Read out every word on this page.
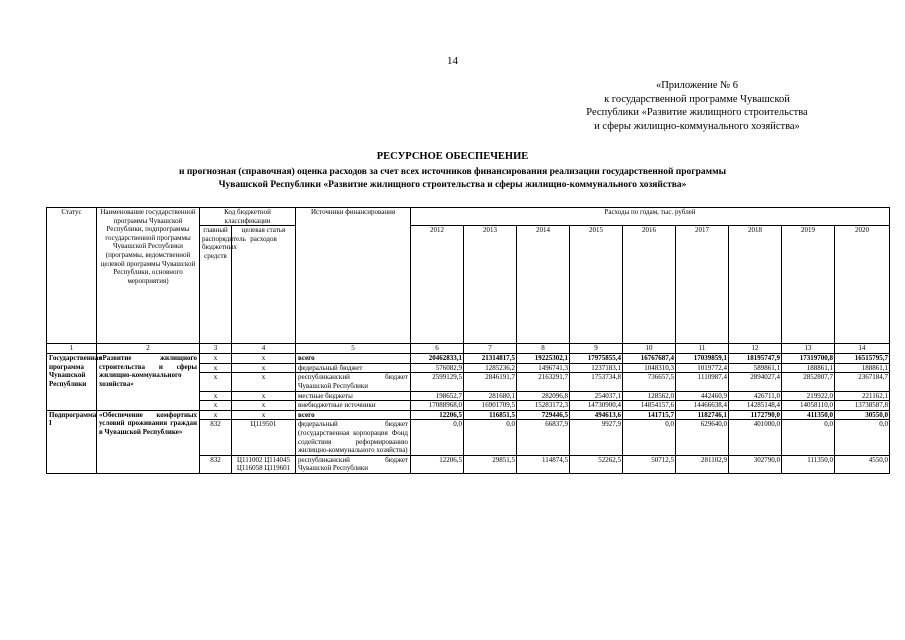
14
«Приложение № 6
к государственной программе Чувашской
Республики «Развитие жилищного строительства
и сферы жилищно-коммунального хозяйства»
РЕСУРСНОЕ ОБЕСПЕЧЕНИЕ
и прогнозная (справочная) оценка расходов за счет всех источников финансирования реализации государственной программы
Чувашской Республики «Развитие жилищного строительства и сферы жилищно-коммунального хозяйства»
Статус	Наименование государственной программы Чувашской Республики, подпрограммы государственной программы Чувашской Республики (программы, ведомственной целевой программы Чувашской Республики, основного мероприятия)	Код бюджетной классификации		Источники финансирования	Расходы по годам, тыс. рублей								
		главный распорядитель бюджетных средств	целевая статья расходов		2012	2013	2014	2015	2016	2017	2018	2019	2020
1	2	3	4	5	6	7	8	9	10	11	12	13	14
Государственная программа Чувашской Республики	«Развитие жилищного строительства и сферы жилищно-коммунального хозяйства»	х	х	всего	20462833,1	21314817,5	19225302,1	17975855,4	16767687,4	17039859,1	18195747,9	17319700,8	16515795,7
		х	х	федеральный бюджет	576082,9	1285236,2	1496741,3	1237183,1	1048310,3	1019772,4	589861,1	188861,1	188861,1
		х	х	республиканский бюджет Чувашской Республики	2599129,5	2846191,7	2163291,7	1753734,8	736657,5	1110987,4	2894027,4	2852807,7	2367184,7
		х	х	местные бюджеты	198652,7	281680,1	282096,8	254037,1	128562,0	442460,9	426711,0	219922,0	221162,1
		х	х	внебюджетные источники	17088968,0	16901709,5	15283172,3	14730900,4	14854157,6	14466638,4	14285148,4	14058110,0	13738587,8
Подпрограмма I	«Обеспечение комфортных условий проживания граждан в Чувашской Республике»	х	х	всего	12206,5	116851,5	729446,5	494613,6	141715,7	1182746,1	1172790,0	411350,0	30550,0
		832	Ц119501	федеральный бюджет (государственная корпорация Фонд содействия реформированию жилищно-коммунального хозяйства)	0,0	0,0	66837,9	9927,9	0,0	629640,0	401000,0	0,0	0,0
		832	Ц111002 Ц114045 Ц116058 Ц119601	республиканский бюджет Чувашской Республики	12206,5	29851,5	114874,5	52262,5	50712,5	281102,9	302790,0	111350,0	4550,0
